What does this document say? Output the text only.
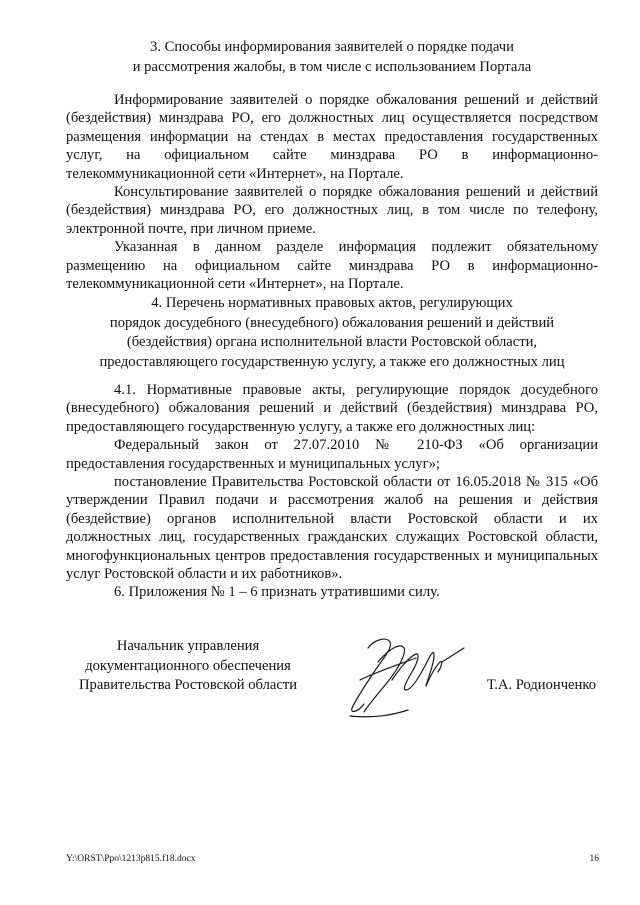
3. Способы информирования заявителей о порядке подачи
и рассмотрения жалобы, в том числе с использованием Портала

Информирование заявителей о порядке обжалования решений и действий (бездействия) минздрава РО, его должностных лиц осуществляется посредством размещения информации на стендах в местах предоставления государственных услуг, на официальном сайте минздрава РО в информационно-телекоммуникационной сети «Интернет», на Портале.

Консультирование заявителей о порядке обжалования решений и действий (бездействия) минздрава РО, его должностных лиц, в том числе по телефону, электронной почте, при личном приеме.

Указанная в данном разделе информация подлежит обязательному размещению на официальном сайте минздрава РО в информационно-телекоммуникационной сети «Интернет», на Портале.

4. Перечень нормативных правовых актов, регулирующих
порядок досудебного (внесудебного) обжалования решений и действий
(бездействия) органа исполнительной власти Ростовской области,
предоставляющего государственную услугу, а также его должностных лиц

4.1. Нормативные правовые акты, регулирующие порядок досудебного (внесудебного) обжалования решений и действий (бездействия) минздрава РО, предоставляющего государственную услугу, а также его должностных лиц:

Федеральный закон от 27.07.2010 № 210-ФЗ «Об организации предоставления государственных и муниципальных услуг»;

постановление Правительства Ростовской области от 16.05.2018 № 315 «Об утверждении Правил подачи и рассмотрения жалоб на решения и действия (бездействие) органов исполнительной власти Ростовской области и их должностных лиц, государственных гражданских служащих Ростовской области, многофункциональных центров предоставления государственных и муниципальных услуг Ростовской области и их работников».

6. Приложения № 1 – 6 признать утратившими силу.

Начальник управления
документационного обеспечения
Правительства Ростовской области	Т.А. Родионченко
Y:\ORST\Ppo\1213p815.f18.docx	16
